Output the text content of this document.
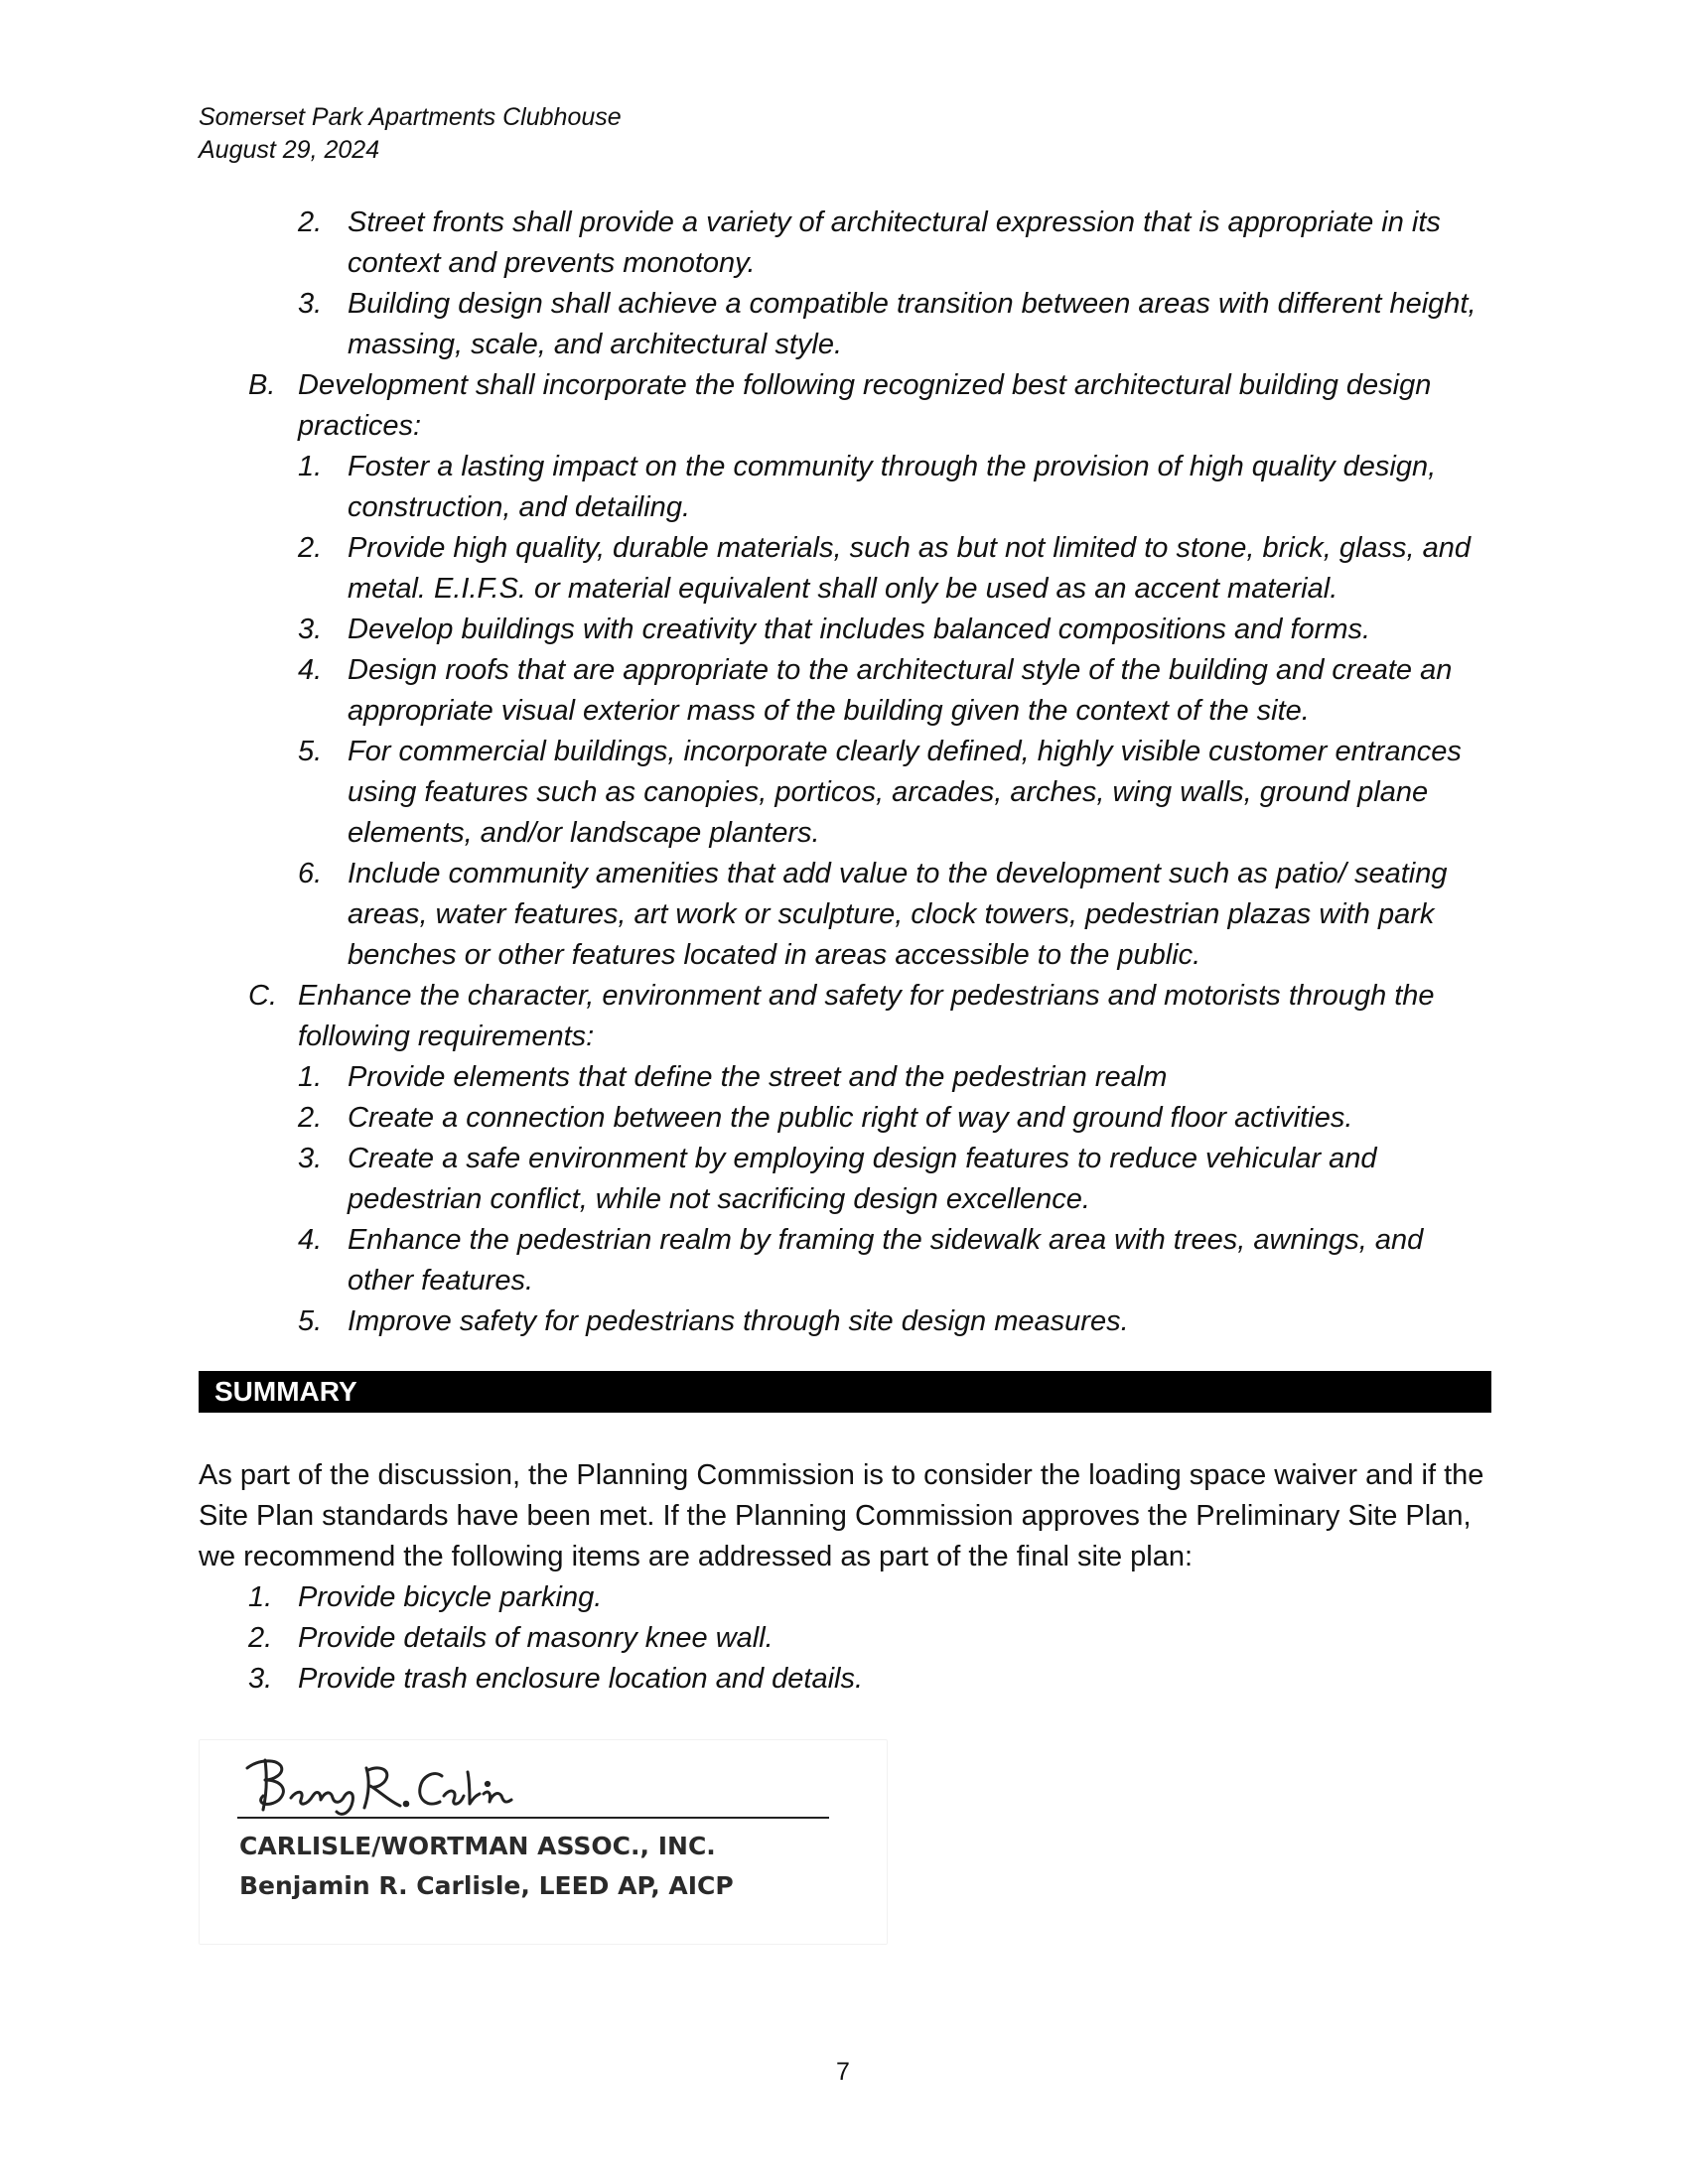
Somerset Park Apartments Clubhouse
August 29, 2024
2. Street fronts shall provide a variety of architectural expression that is appropriate in its context and prevents monotony.
3. Building design shall achieve a compatible transition between areas with different height, massing, scale, and architectural style.
B. Development shall incorporate the following recognized best architectural building design practices:
1. Foster a lasting impact on the community through the provision of high quality design, construction, and detailing.
2. Provide high quality, durable materials, such as but not limited to stone, brick, glass, and metal. E.I.F.S. or material equivalent shall only be used as an accent material.
3. Develop buildings with creativity that includes balanced compositions and forms.
4. Design roofs that are appropriate to the architectural style of the building and create an appropriate visual exterior mass of the building given the context of the site.
5. For commercial buildings, incorporate clearly defined, highly visible customer entrances using features such as canopies, porticos, arcades, arches, wing walls, ground plane elements, and/or landscape planters.
6. Include community amenities that add value to the development such as patio/ seating areas, water features, art work or sculpture, clock towers, pedestrian plazas with park benches or other features located in areas accessible to the public.
C. Enhance the character, environment and safety for pedestrians and motorists through the following requirements:
1. Provide elements that define the street and the pedestrian realm
2. Create a connection between the public right of way and ground floor activities.
3. Create a safe environment by employing design features to reduce vehicular and pedestrian conflict, while not sacrificing design excellence.
4. Enhance the pedestrian realm by framing the sidewalk area with trees, awnings, and other features.
5. Improve safety for pedestrians through site design measures.
SUMMARY
As part of the discussion, the Planning Commission is to consider the loading space waiver and if the Site Plan standards have been met. If the Planning Commission approves the Preliminary Site Plan, we recommend the following items are addressed as part of the final site plan:
1. Provide bicycle parking.
2. Provide details of masonry knee wall.
3. Provide trash enclosure location and details.
Benj R. Carlisle
CARLISLE/WORTMAN ASSOC., INC.
Benjamin R. Carlisle, LEED AP, AICP
7
